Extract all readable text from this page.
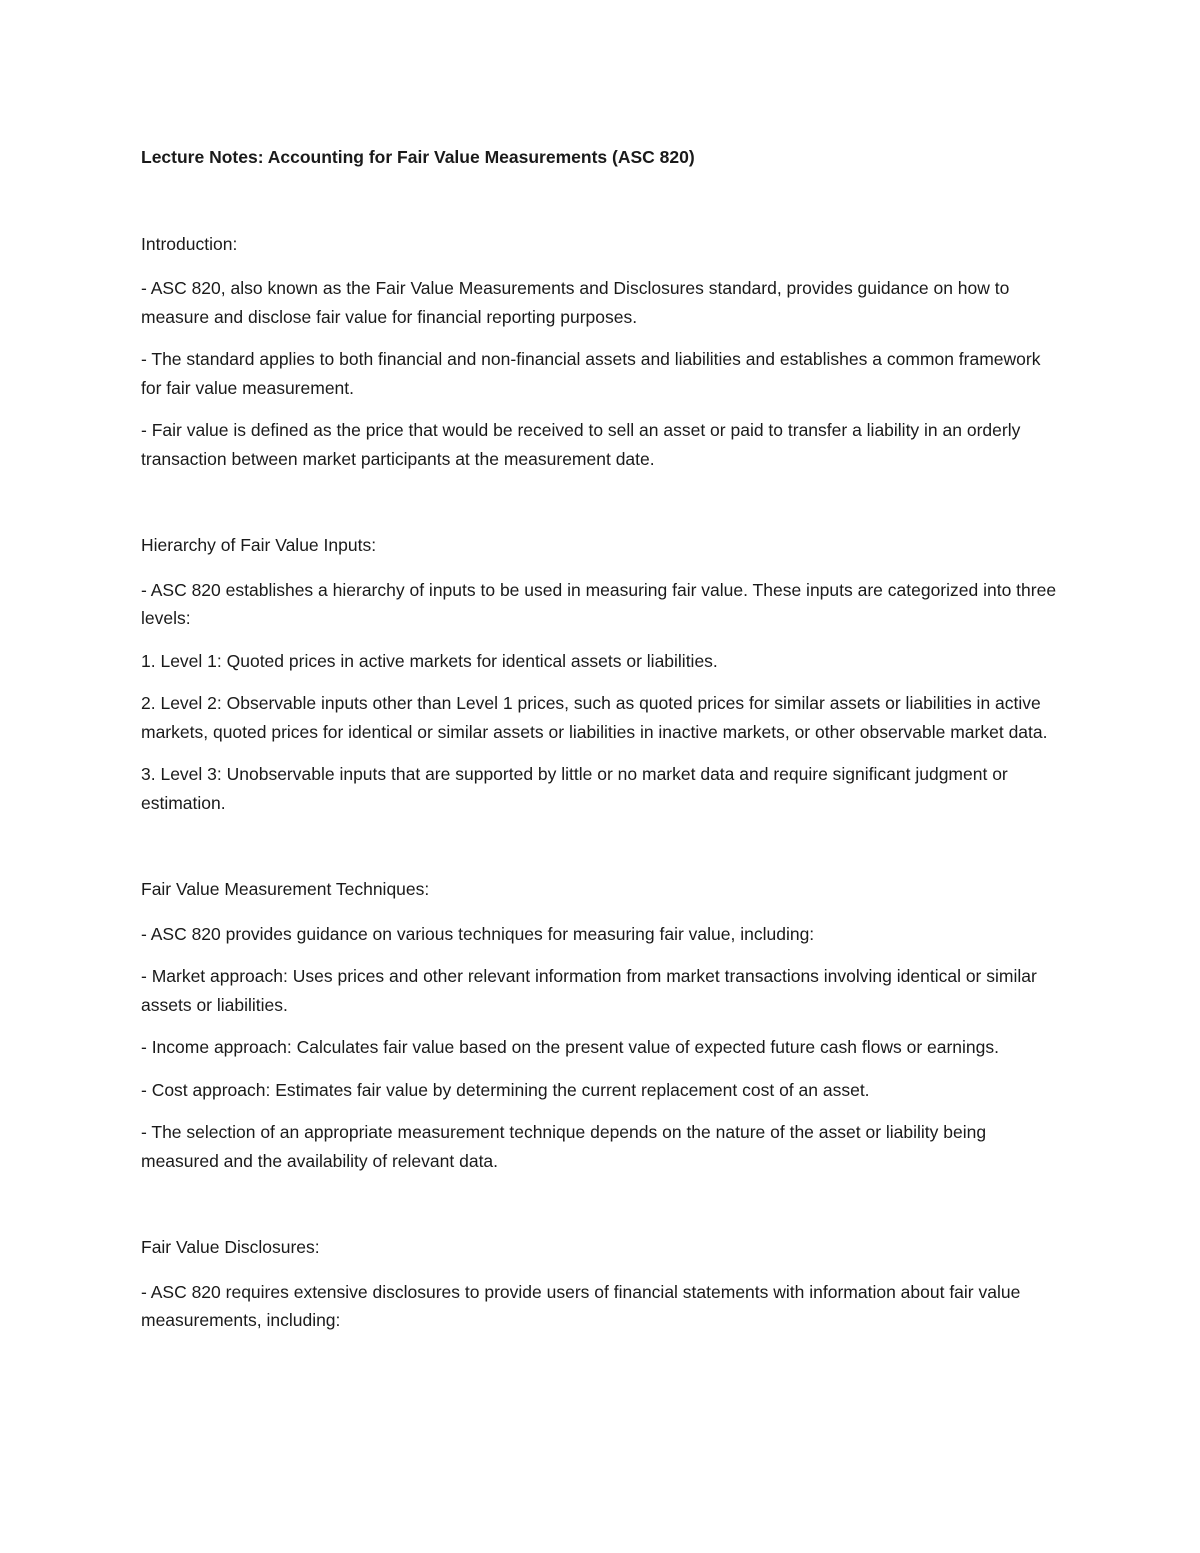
Lecture Notes: Accounting for Fair Value Measurements (ASC 820)

Introduction:

- ASC 820, also known as the Fair Value Measurements and Disclosures standard, provides guidance on how to measure and disclose fair value for financial reporting purposes.

- The standard applies to both financial and non-financial assets and liabilities and establishes a common framework for fair value measurement.

- Fair value is defined as the price that would be received to sell an asset or paid to transfer a liability in an orderly transaction between market participants at the measurement date.

Hierarchy of Fair Value Inputs:

- ASC 820 establishes a hierarchy of inputs to be used in measuring fair value. These inputs are categorized into three levels:

1. Level 1: Quoted prices in active markets for identical assets or liabilities.

2. Level 2: Observable inputs other than Level 1 prices, such as quoted prices for similar assets or liabilities in active markets, quoted prices for identical or similar assets or liabilities in inactive markets, or other observable market data.

3. Level 3: Unobservable inputs that are supported by little or no market data and require significant judgment or estimation.

Fair Value Measurement Techniques:

- ASC 820 provides guidance on various techniques for measuring fair value, including:

- Market approach: Uses prices and other relevant information from market transactions involving identical or similar assets or liabilities.

- Income approach: Calculates fair value based on the present value of expected future cash flows or earnings.

- Cost approach: Estimates fair value by determining the current replacement cost of an asset.

- The selection of an appropriate measurement technique depends on the nature of the asset or liability being measured and the availability of relevant data.

Fair Value Disclosures:

- ASC 820 requires extensive disclosures to provide users of financial statements with information about fair value measurements, including:
